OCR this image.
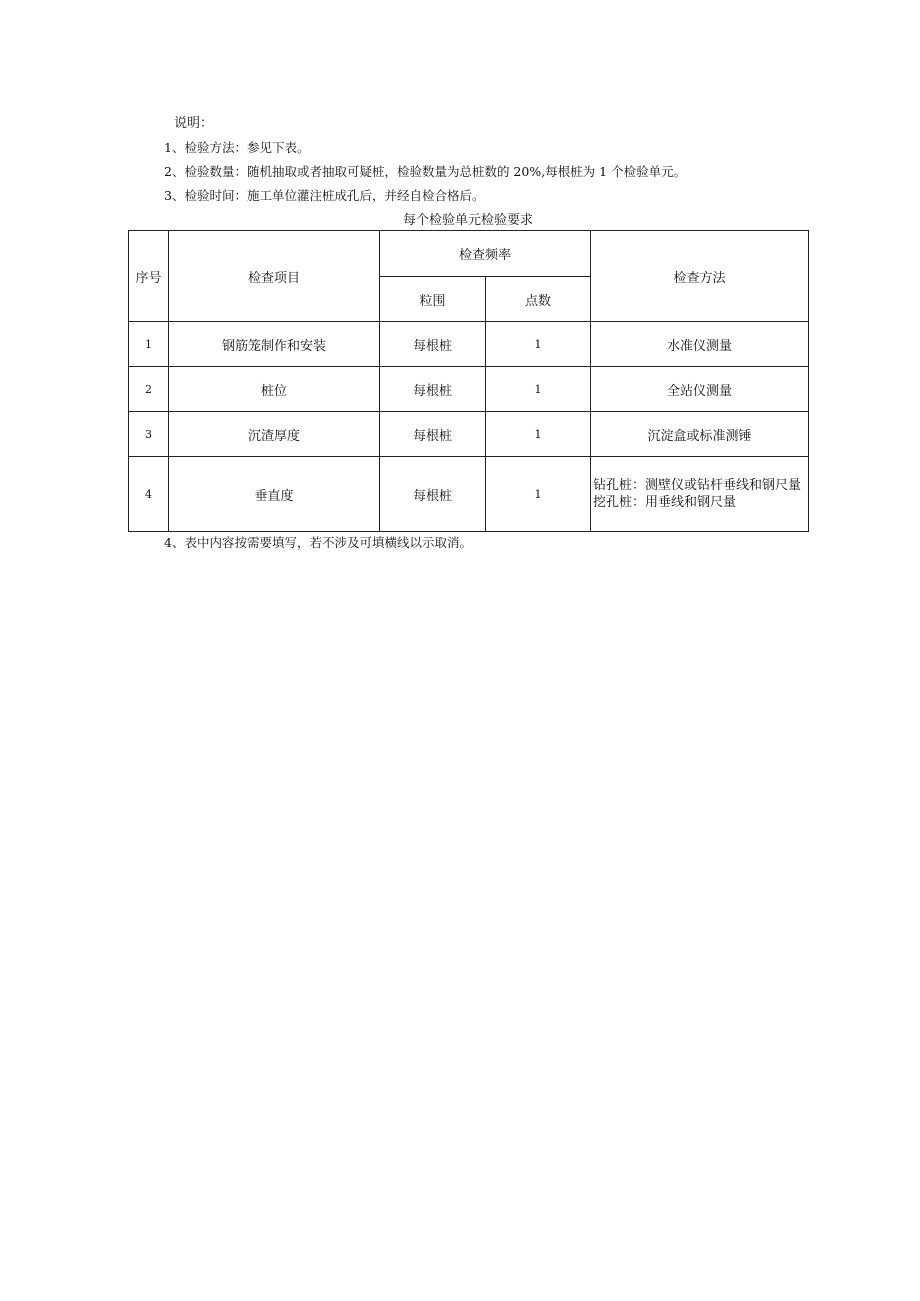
说明：
1、检验方法：参见下表。
2、检验数量：随机抽取或者抽取可疑桩，检验数量为总桩数的 20%,每根桩为 1 个检验单元。
3、检验时间：施工单位灌注桩成孔后，并经自检合格后。
每个检验单元检验要求
序号	检查项目	检查频率		检查方法
		粒围	点数	
1	钢筋笼制作和安装	每根桩	1	水准仪测量
2	桩位	每根桩	1	全站仪测量
3	沉渣厚度	每根桩	1	沉淀盒或标准测锤
4	垂直度	每根桩	1	钻孔桩：测壁仪或钻杆垂线和钢尺量
挖孔桩：用垂线和钢尺量
4、表中内容按需要填写，若不涉及可填横线以示取消。
